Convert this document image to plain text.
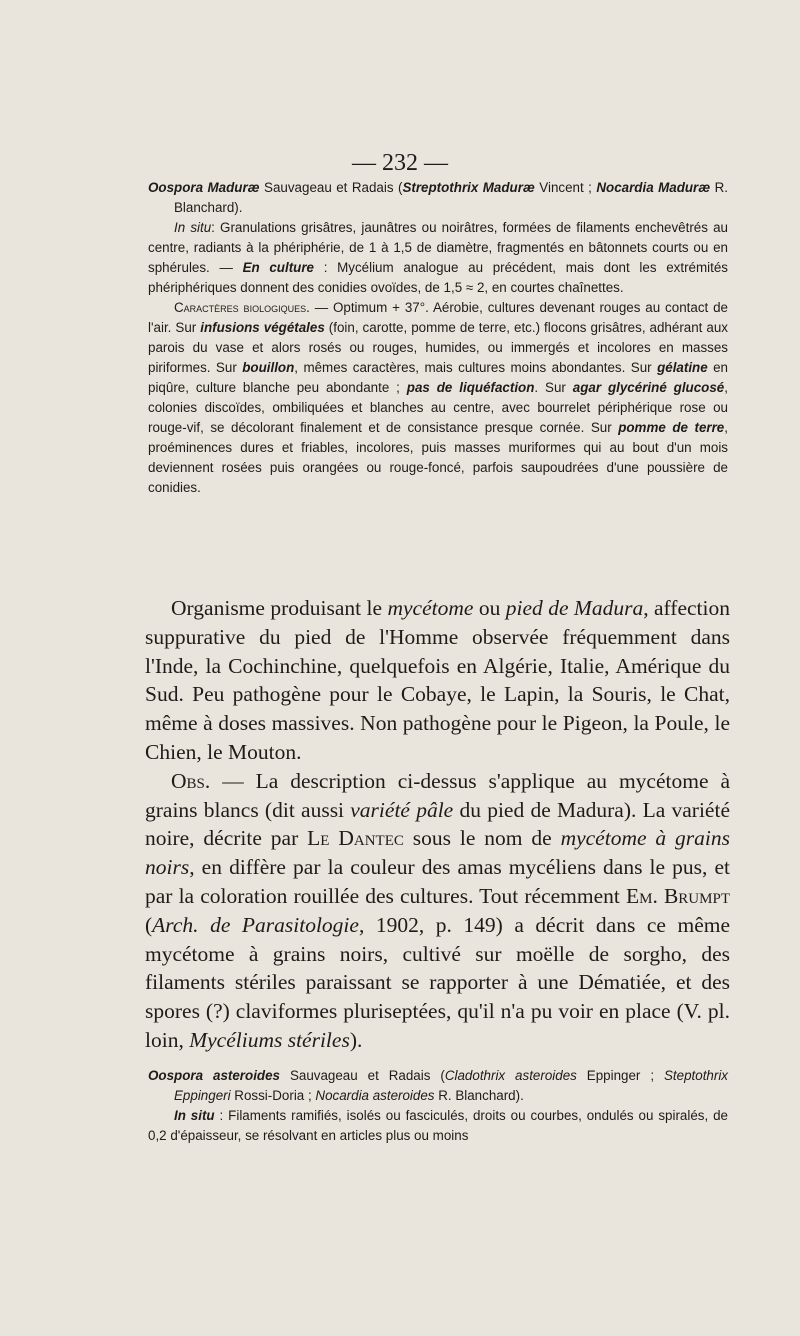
— 232 —

Oospora Maduræ Sauvageau et Radais (Streptothrix Maduræ Vincent ; Nocardia Maduræ R. Blanchard).

In situ: Granulations grisâtres, jaunâtres ou noirâtres, formées de filaments enchevêtrés au centre, radiants à la phériphérie, de 1 à 1,5 de diamètre, fragmentés en bâtonnets courts ou en sphérules. — En culture : Mycélium analogue au précédent, mais dont les extrémités phériphériques donnent des conidies ovoïdes, de 1,5 ≈ 2, en courtes chaînettes.

Caractères biologiques. — Optimum + 37°. Aérobie, cultures devenant rouges au contact de l'air. Sur infusions végétales (foin, carotte, pomme de terre, etc.) flocons grisâtres, adhérant aux parois du vase et alors rosés ou rouges, humides, ou immergés et incolores en masses piriformes. Sur bouillon, mêmes caractères, mais cultures moins abondantes. Sur gélatine en piqûre, culture blanche peu abondante ; pas de liquéfaction. Sur agar glycériné glucosé, colonies discoïdes, ombiliquées et blanches au centre, avec bourrelet périphérique rose ou rouge-vif, se décolorant finalement et de consistance presque cornée. Sur pomme de terre, proéminences dures et friables, incolores, puis masses muriformes qui au bout d'un mois deviennent rosées puis orangées ou rouge-foncé, parfois saupoudrées d'une poussière de conidies.

Organisme produisant le mycétome ou pied de Madura, affection suppurative du pied de l'Homme observée fréquemment dans l'Inde, la Cochinchine, quelquefois en Algérie, Italie, Amérique du Sud. Peu pathogène pour le Cobaye, le Lapin, la Souris, le Chat, même à doses massives. Non pathogène pour le Pigeon, la Poule, le Chien, le Mouton.

Obs. — La description ci-dessus s'applique au mycétome à grains blancs (dit aussi variété pâle du pied de Madura). La variété noire, décrite par Le Dantec sous le nom de mycétome à grains noirs, en diffère par la couleur des amas mycéliens dans le pus, et par la coloration rouillée des cultures. Tout récemment Em. Brumpt (Arch. de Parasitologie, 1902, p. 149) a décrit dans ce même mycétome à grains noirs, cultivé sur moëlle de sorgho, des filaments stériles paraissant se rapporter à une Dématiée, et des spores (?) claviformes pluriseptées, qu'il n'a pu voir en place (V. pl. loin, Mycéliums stériles).

Oospora asteroides Sauvageau et Radais (Cladothrix asteroides Eppinger ; Steptothrix Eppingeri Rossi-Doria ; Nocardia asteroides R. Blanchard).

In situ : Filaments ramifiés, isolés ou fasciculés, droits ou courbes, ondulés ou spiralés, de 0,2 d'épaisseur, se résolvant en articles plus ou moins
